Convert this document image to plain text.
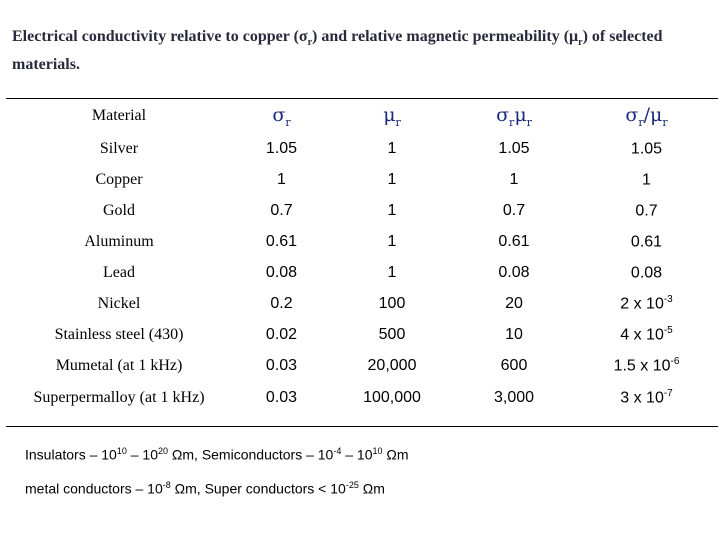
Electrical conductivity relative to copper $(\sigma_r)$ and relative magnetic permeability $(\mu_r)$ of selected materials.
Material	$\sigma_r$	$\mu_r$	$\sigma_r\mu_r$	$\sigma_r/\mu_r$
Silver	1.05	1	1.05	1.05
Copper	1	1	1	1
Gold	0.7	1	0.7	0.7
Aluminum	0.61	1	0.61	0.61
Lead	0.08	1	0.08	0.08
Nickel	0.2	100	20	2 x $10^{-3}$
Stainless steel (430)	0.02	500	10	4 x $10^{-5}$
Mumetal (at 1 kHz)	0.03	20,000	600	1.5 x $10^{-6}$
Superpermalloy (at 1 kHz)	0.03	100,000	3,000	3 x $10^{-7}$
Insulators – $10^{10} - 10^{20}$ Ωm, Semiconductors – $10^{-4} - 10^{10}$ Ωm
metal conductors – $10^{-8}$ Ωm, Super conductors < $10^{-25}$ Ωm
